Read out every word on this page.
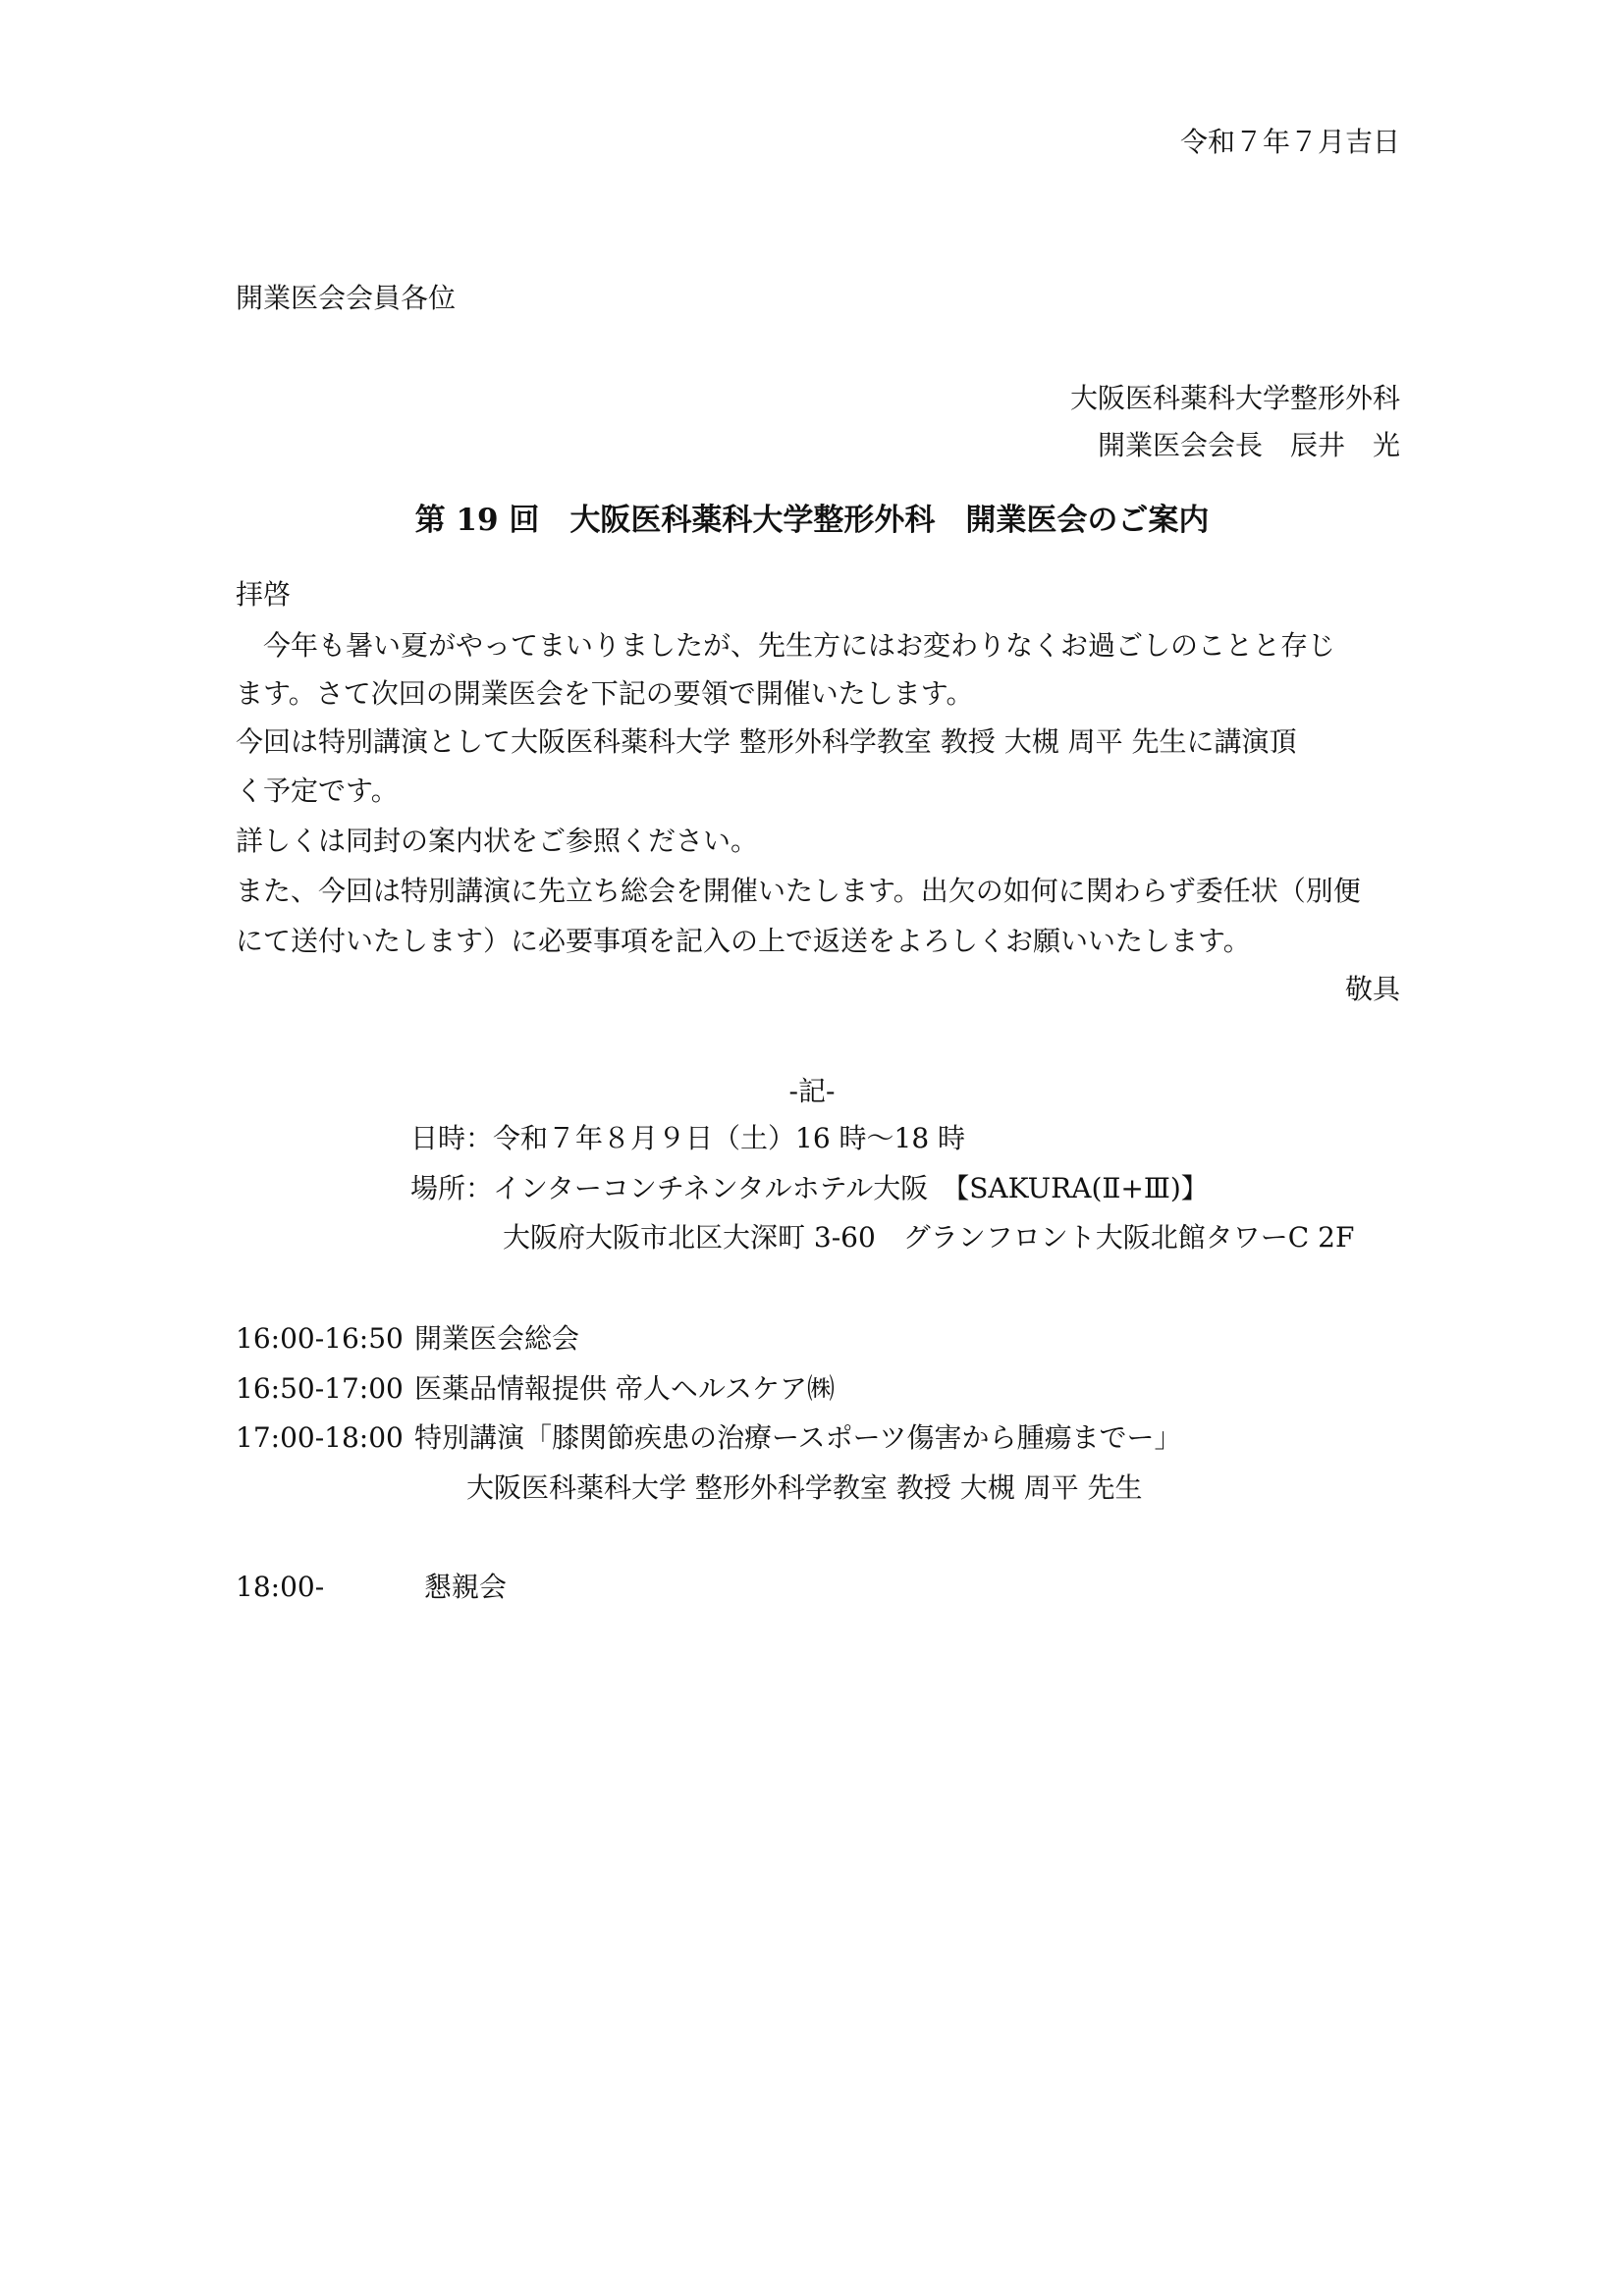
令和７年７月吉日
開業医会会員各位
大阪医科薬科大学整形外科
開業医会会長　辰井　光
第 19 回　大阪医科薬科大学整形外科　開業医会のご案内
拝啓
　今年も暑い夏がやってまいりましたが、先生方にはお変わりなくお過ごしのことと存じ
ます。さて次回の開業医会を下記の要領で開催いたします。
今回は特別講演として大阪医科薬科大学 整形外科学教室 教授 大槻 周平 先生に講演頂
く予定です。
詳しくは同封の案内状をご参照ください。
また、今回は特別講演に先立ち総会を開催いたします。出欠の如何に関わらず委任状（別便
にて送付いたします）に必要事項を記入の上で返送をよろしくお願いいたします。
敬具
-記-
日時：令和７年８月９日（土）16 時～18 時
場所：インターコンチネンタルホテル大阪　【SAKURA(Ⅱ+Ⅲ)】
大阪府大阪市北区大深町 3-60　グランフロント大阪北館タワーC 2F
16:00-16:50 開業医会総会
16:50-17:00 医薬品情報提供 帝人ヘルスケア㈱
17:00-18:00 特別講演「膝関節疾患の治療ースポーツ傷害から腫瘍までー」
大阪医科薬科大学 整形外科学教室 教授 大槻 周平 先生
18:00-	懇親会
